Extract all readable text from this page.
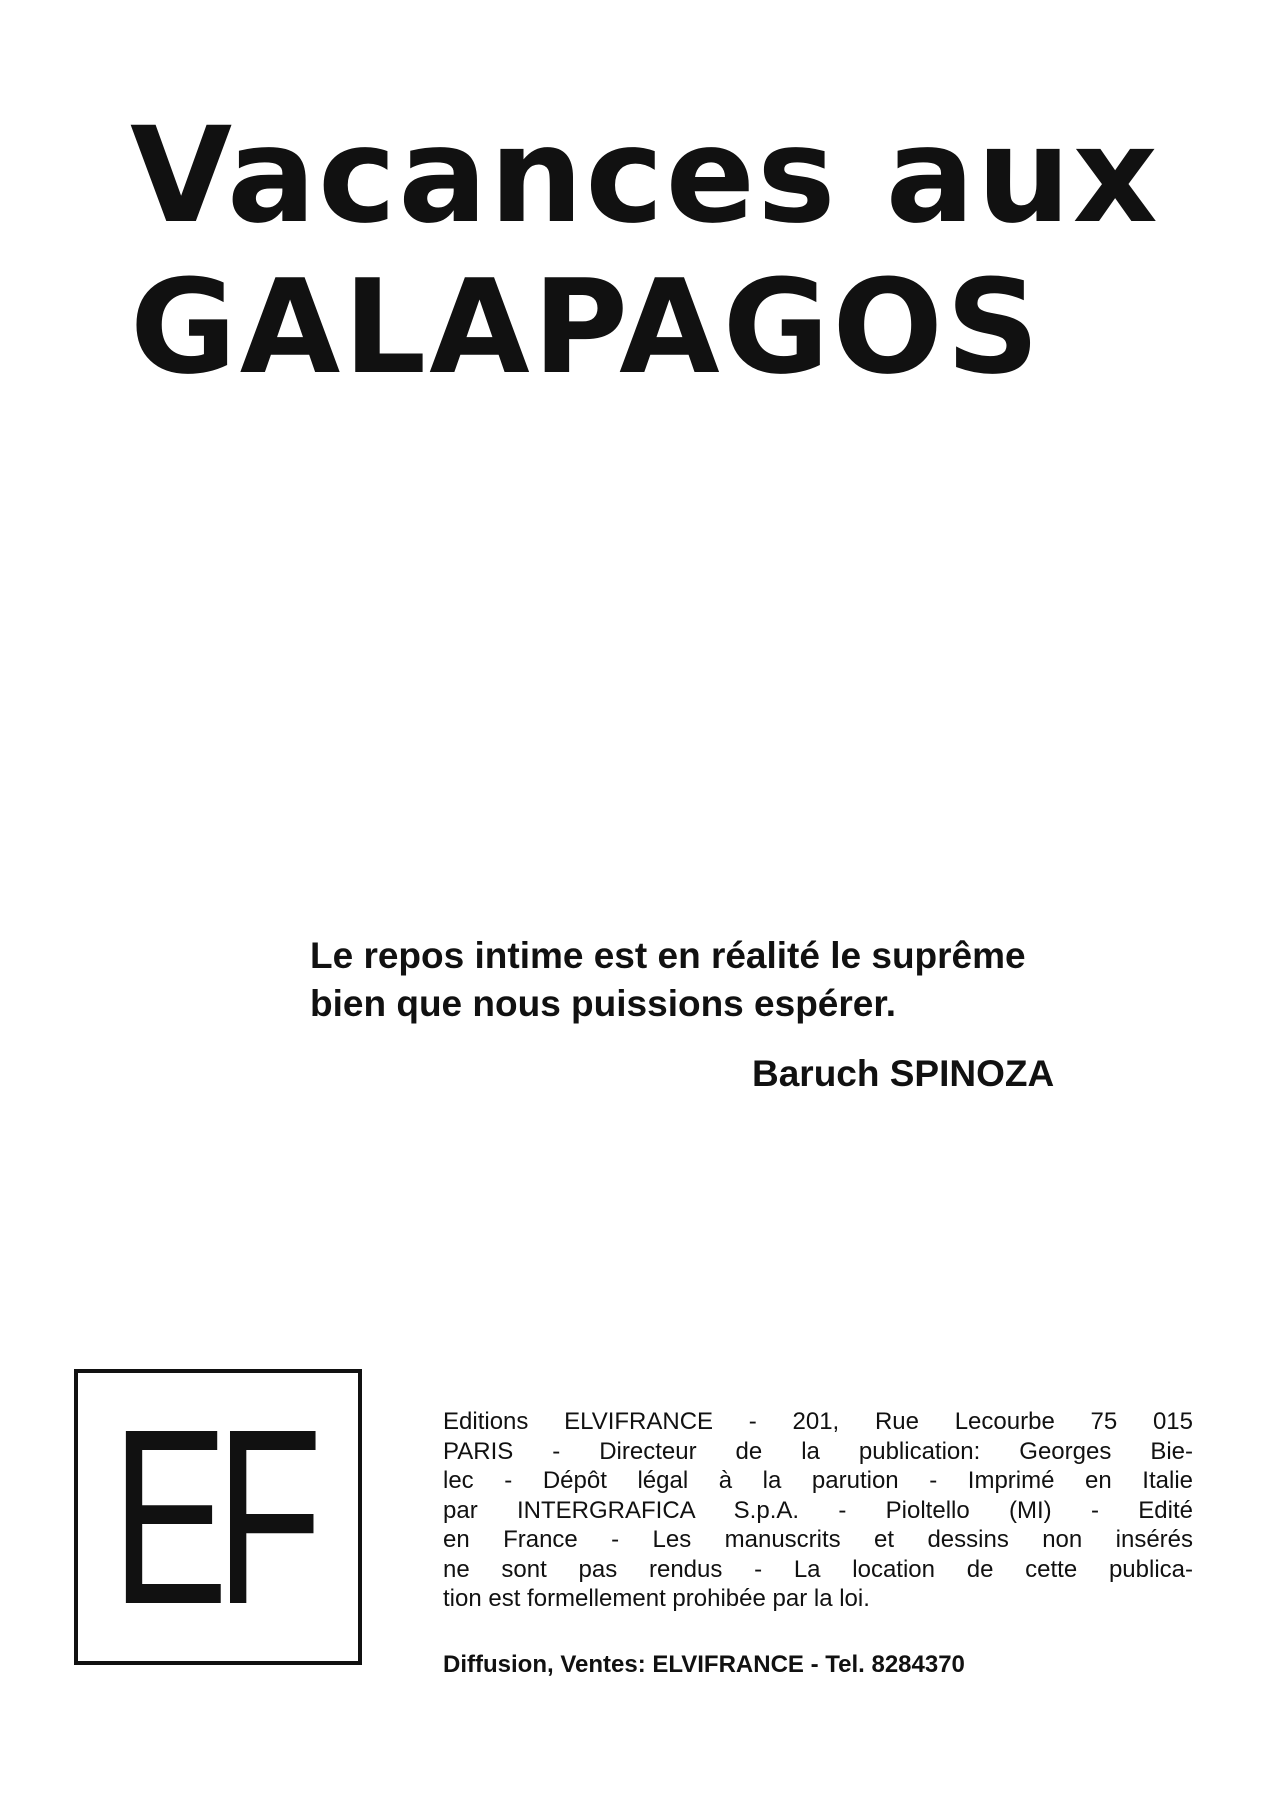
Vacances aux
GALAPAGOS
Le repos intime est en réalité le suprême
bien que nous puissions espérer.
Baruch SPINOZA
EF	Editions ELVIFRANCE - 201, Rue Lecourbe 75 015
PARIS - Directeur de la publication: Georges Bie-
lec - Dépôt légal à la parution - Imprimé en Italie
par INTERGRAFICA S.p.A. - Pioltello (MI) - Edité
en France - Les manuscrits et dessins non insérés
ne sont pas rendus - La location de cette publica-
tion est formellement prohibée par la loi.
Diffusion, Ventes: ELVIFRANCE - Tel. 8284370
